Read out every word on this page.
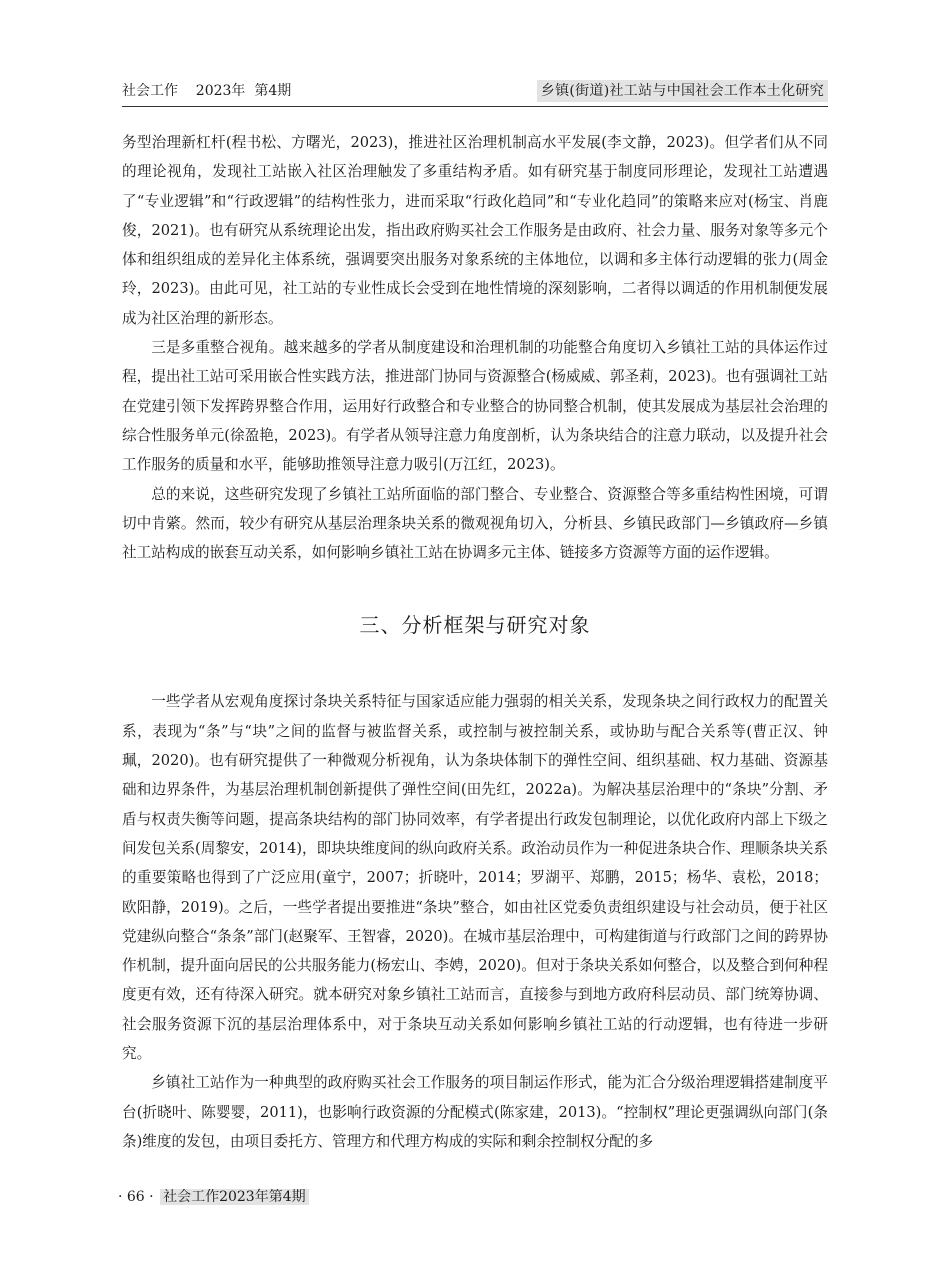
社会工作    2023年  第4期	乡镇(街道)社工站与中国社会工作本土化研究

务型治理新杠杆(程书松、方曙光，2023)，推进社区治理机制高水平发展(李文静，2023)。但学者们从不同的理论视角，发现社工站嵌入社区治理触发了多重结构矛盾。如有研究基于制度同形理论，发现社工站遭遇了“专业逻辑”和“行政逻辑”的结构性张力，进而采取“行政化趋同”和“专业化趋同”的策略来应对(杨宝、肖鹿俊，2021)。也有研究从系统理论出发，指出政府购买社会工作服务是由政府、社会力量、服务对象等多元个体和组织组成的差异化主体系统，强调要突出服务对象系统的主体地位，以调和多主体行动逻辑的张力(周金玲，2023)。由此可见，社工站的专业性成长会受到在地性情境的深刻影响，二者得以调适的作用机制便发展成为社区治理的新形态。

三是多重整合视角。越来越多的学者从制度建设和治理机制的功能整合角度切入乡镇社工站的具体运作过程，提出社工站可采用嵌合性实践方法，推进部门协同与资源整合(杨威威、郭圣莉，2023)。也有强调社工站在党建引领下发挥跨界整合作用，运用好行政整合和专业整合的协同整合机制，使其发展成为基层社会治理的综合性服务单元(徐盈艳，2023)。有学者从领导注意力角度剖析，认为条块结合的注意力联动，以及提升社会工作服务的质量和水平，能够助推领导注意力吸引(万江红，2023)。

总的来说，这些研究发现了乡镇社工站所面临的部门整合、专业整合、资源整合等多重结构性困境，可谓切中肯綮。然而，较少有研究从基层治理条块关系的微观视角切入，分析县、乡镇民政部门—乡镇政府—乡镇社工站构成的嵌套互动关系，如何影响乡镇社工站在协调多元主体、链接多方资源等方面的运作逻辑。

三、分析框架与研究对象

一些学者从宏观角度探讨条块关系特征与国家适应能力强弱的相关关系，发现条块之间行政权力的配置关系，表现为“条”与“块”之间的监督与被监督关系，或控制与被控制关系，或协助与配合关系等(曹正汉、钟珮，2020)。也有研究提供了一种微观分析视角，认为条块体制下的弹性空间、组织基础、权力基础、资源基础和边界条件，为基层治理机制创新提供了弹性空间(田先红，2022a)。为解决基层治理中的“条块”分割、矛盾与权责失衡等问题，提高条块结构的部门协同效率，有学者提出行政发包制理论，以优化政府内部上下级之间发包关系(周黎安，2014)，即块块维度间的纵向政府关系。政治动员作为一种促进条块合作、理顺条块关系的重要策略也得到了广泛应用(童宁，2007；折晓叶，2014；罗湖平、郑鹏，2015；杨华、袁松，2018；欧阳静，2019)。之后，一些学者提出要推进“条块”整合，如由社区党委负责组织建设与社会动员，便于社区党建纵向整合“条条”部门(赵聚军、王智睿，2020)。在城市基层治理中，可构建街道与行政部门之间的跨界协作机制，提升面向居民的公共服务能力(杨宏山、李娉，2020)。但对于条块关系如何整合，以及整合到何种程度更有效，还有待深入研究。就本研究对象乡镇社工站而言，直接参与到地方政府科层动员、部门统筹协调、社会服务资源下沉的基层治理体系中，对于条块互动关系如何影响乡镇社工站的行动逻辑，也有待进一步研究。

乡镇社工站作为一种典型的政府购买社会工作服务的项目制运作形式，能为汇合分级治理逻辑搭建制度平台(折晓叶、陈婴婴，2011)，也影响行政资源的分配模式(陈家建，2013)。“控制权”理论更强调纵向部门(条条)维度的发包，由项目委托方、管理方和代理方构成的实际和剩余控制权分配的多

· 66 · 社会工作2023年第4期
